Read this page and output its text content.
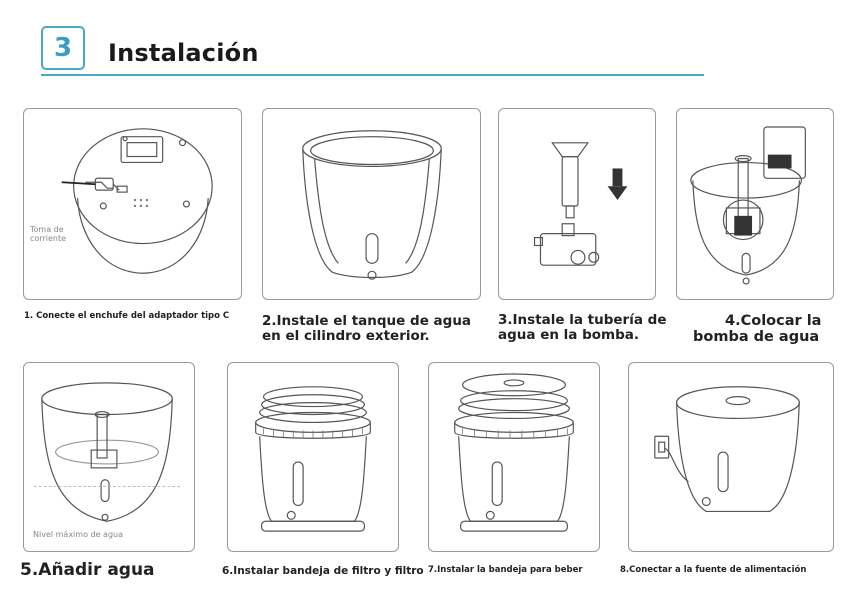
3	Instalación
Toma de corriente
1. Conecte el enchufe del adaptador tipo C 2.Instale el tanque de agua
en el cilindro exterior.
3.Instale la tubería de
agua en la bomba.
4.Colocar la
bomba de agua
Nivel máximo de agua
5.Añadir agua	6.Instalar bandeja de filtro y filtro 7.Instalar la bandeja para beber	8.Conectar a la fuente de alimentación
